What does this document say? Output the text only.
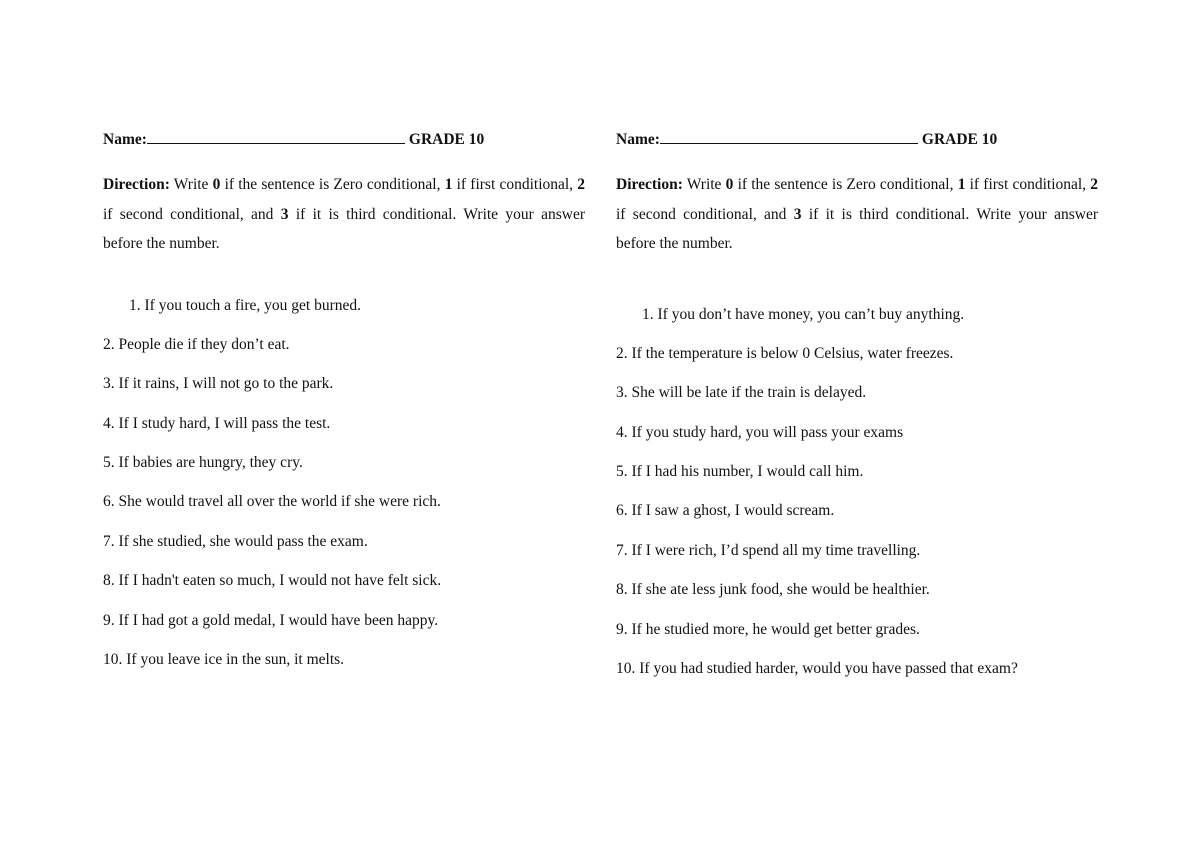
Name:	GRADE 10
Direction: Write 0 if the sentence is Zero conditional, 1 if first conditional, 2 if second conditional, and 3 if it is third conditional. Write your answer before the number.
1. If you touch a fire, you get burned.
2. People die if they don’t eat.
3. If it rains, I will not go to the park.
4. If I study hard, I will pass the test.
5. If babies are hungry, they cry.
6. She would travel all over the world if she were rich.
7. If she studied, she would pass the exam.
8. If I hadn't eaten so much, I would not have felt sick.
9. If I had got a gold medal, I would have been happy.
10. If you leave ice in the sun, it melts.
Name:	GRADE 10
Direction: Write 0 if the sentence is Zero conditional, 1 if first conditional, 2 if second conditional, and 3 if it is third conditional. Write your answer before the number.
1. If you don’t have money, you can’t buy anything.
2. If the temperature is below 0 Celsius, water freezes.
3. She will be late if the train is delayed.
4. If you study hard, you will pass your exams
5. If I had his number, I would call him.
6. If I saw a ghost, I would scream.
7. If I were rich, I’d spend all my time travelling.
8. If she ate less junk food, she would be healthier.
9. If he studied more, he would get better grades.
10. If you had studied harder, would you have passed that exam?
